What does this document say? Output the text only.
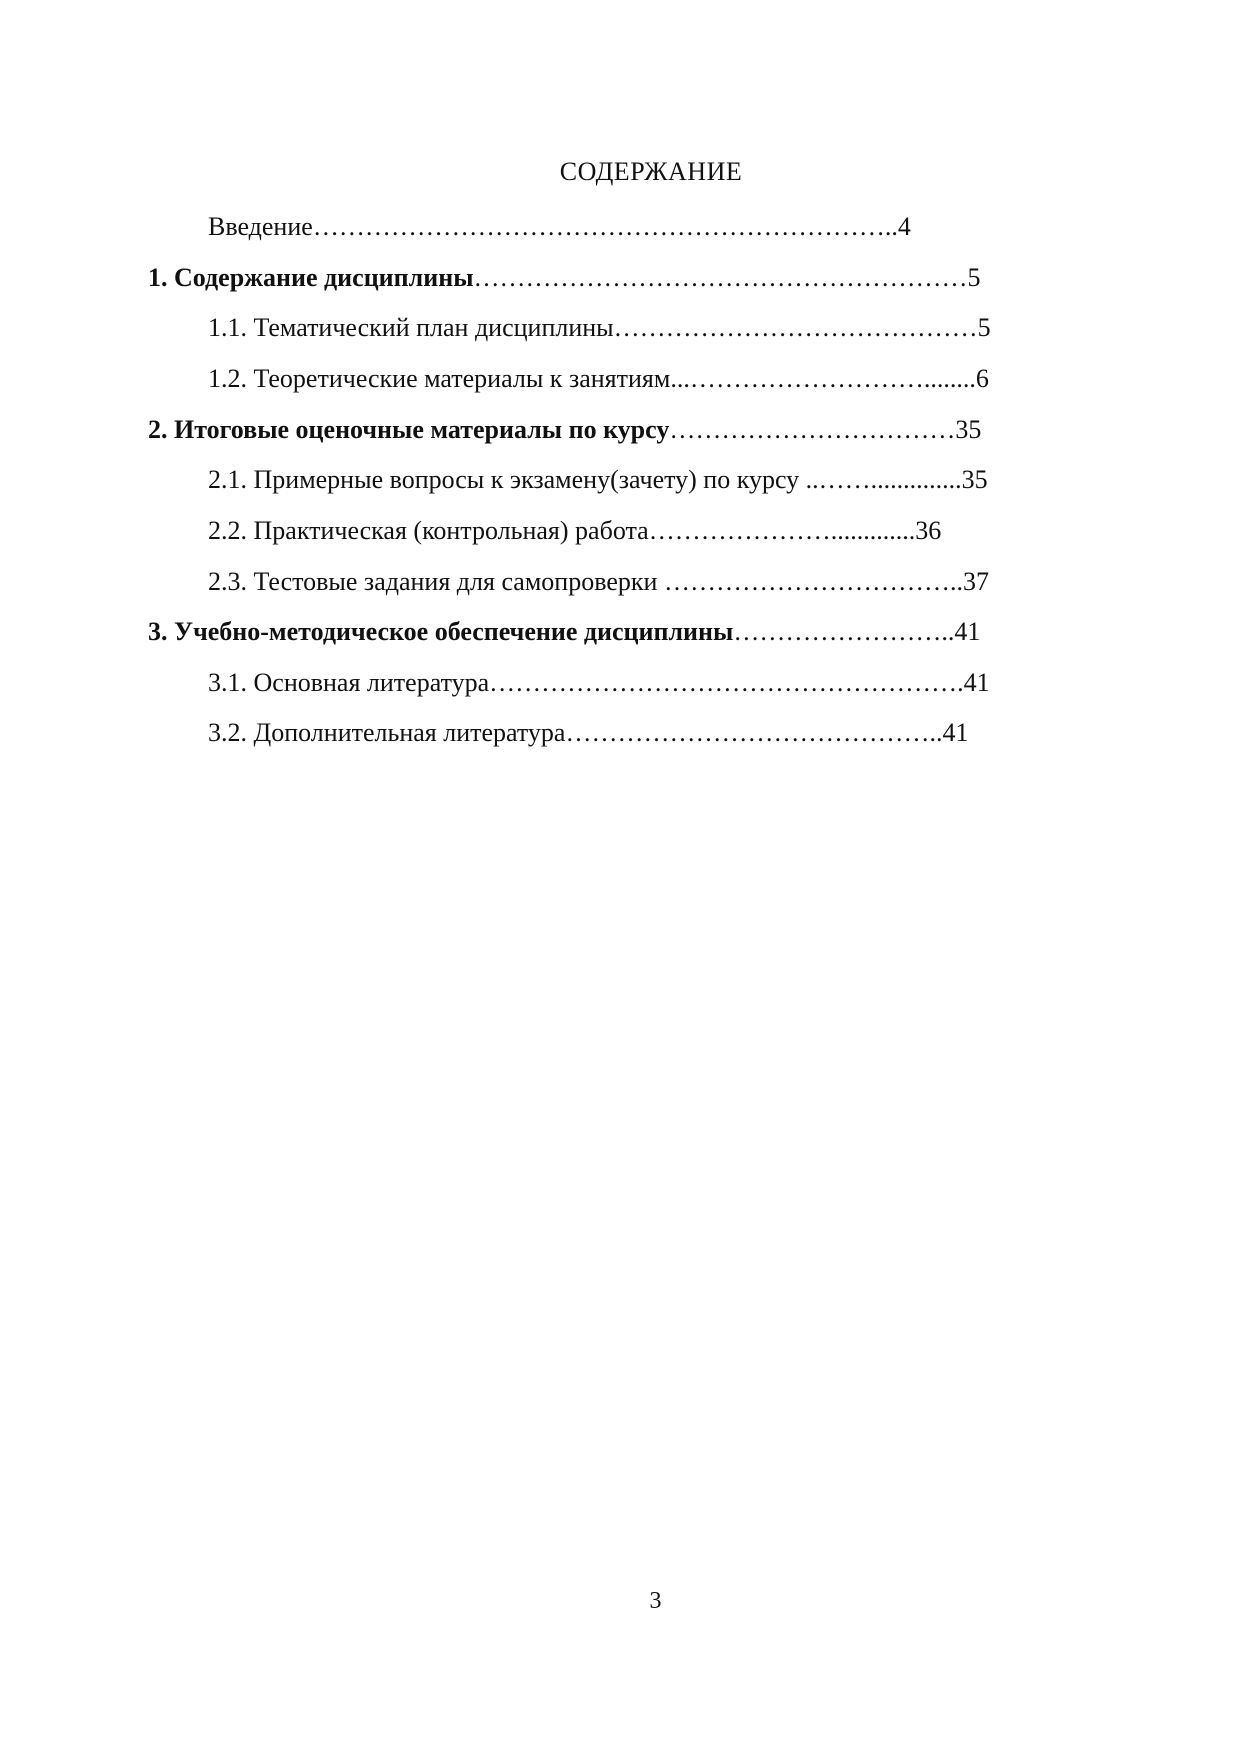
СОДЕРЖАНИЕ
Введение…………………………………………………………..4
1. Содержание дисциплины…………………………………………………5
1.1. Тематический план дисциплины……………………………………5
1.2. Теоретические материалы к занятиям...………………………........6
2. Итоговые оценочные материалы по курсу……………………………35
2.1. Примерные вопросы к экзамену(зачету) по курсу ..……..............35
2.2. Практическая (контрольная) работа………………….............36
2.3. Тестовые задания для самопроверки ……………………………..37
3. Учебно-методическое обеспечение дисциплины……………………..41
3.1. Основная литература……………………………………………….41
3.2. Дополнительная литература……………………………………..41
3
